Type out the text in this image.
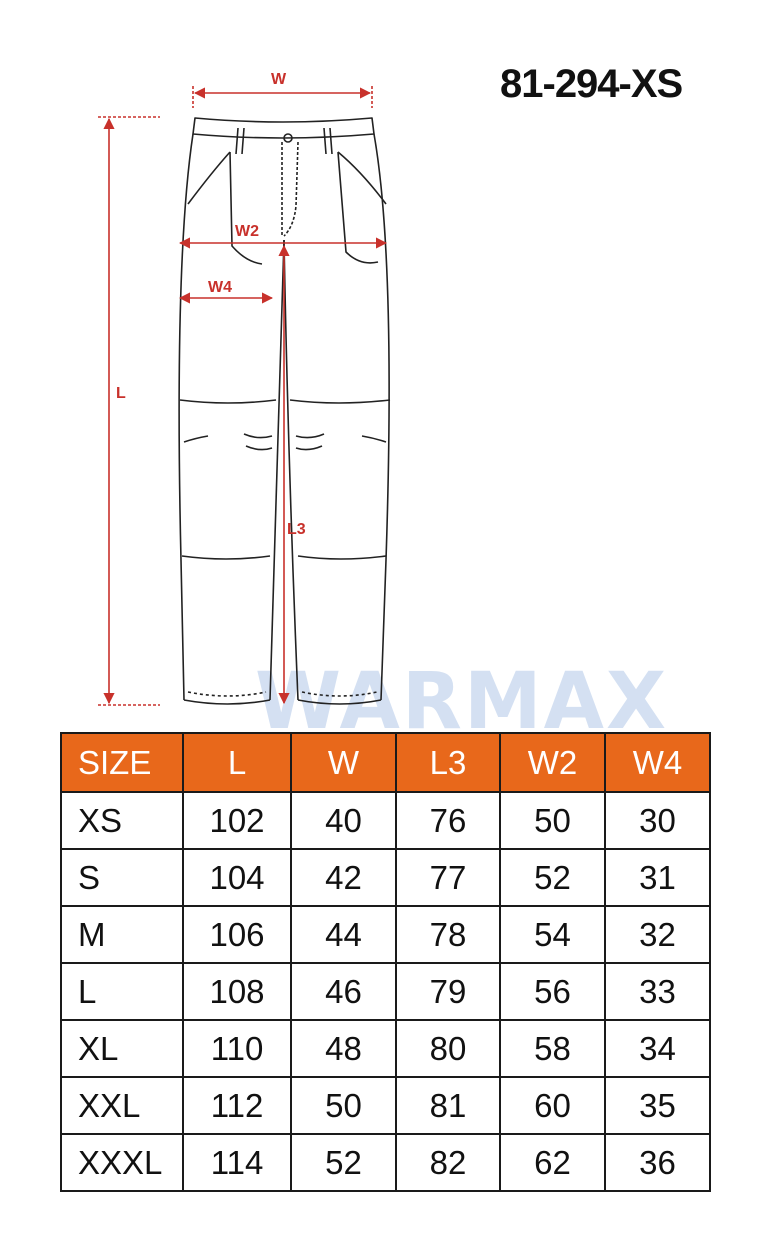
81-294-XS
WARMAX
W
W2
W4
L
L3
SIZE	L	W	L3	W2	W4
XS	102	40	76	50	30
S	104	42	77	52	31
M	106	44	78	54	32
L	108	46	79	56	33
XL	110	48	80	58	34
XXL	112	50	81	60	35
XXXL	114	52	82	62	36
